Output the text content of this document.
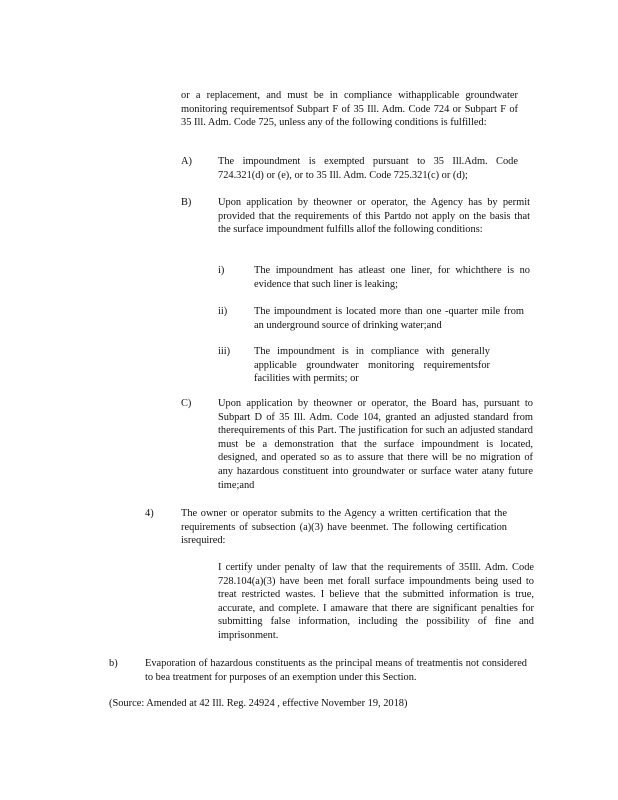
or a replacement, and must be in compliance withapplicable groundwater monitoring requirementsof Subpart F of 35 Ill. Adm. Code 724 or Subpart F of 35 Ill. Adm. Code 725, unless any of the following conditions is fulfilled:
A)	The impoundment is exempted pursuant to 35 Ill.Adm. Code 724.321(d) or (e), or to 35 Ill. Adm. Code 725.321(c) or (d);
B)	Upon application by theowner or operator, the Agency has by permit provided that the requirements of this Partdo not apply on the basis that the surface impoundment fulfills allof the following conditions:
i)	The impoundment has atleast one liner, for whichthere is no evidence that such liner is leaking;
ii)	The impoundment is located more than one -quarter mile from an underground source of drinking water;and
iii) The impoundment is in compliance with generally applicable groundwater monitoring requirementsfor facilities with permits; or
C)	Upon application by theowner or operator, the Board has, pursuant to Subpart D of 35 Ill. Adm. Code 104, granted an adjusted standard from therequirements of this Part. The justification for such an adjusted standard must be a demonstration that the surface impoundment is located, designed, and operated so as to assure that there will be no migration of any hazardous constituent into groundwater or surface water atany future time;and
4)	The owner or operator submits to the Agency a written certification that the requirements of subsection (a)(3) have beenmet. The following certification isrequired:
I certify under penalty of law that the requirements of 35Ill. Adm. Code 728.104(a)(3) have been met forall surface impoundments being used to treat restricted wastes. I believe that the submitted information is true, accurate, and complete. I amaware that there are significant penalties for submitting false information, including the possibility of fine and imprisonment.
b)	Evaporation of hazardous constituents as the principal means of treatmentis not considered to bea treatment for purposes of an exemption under this Section.
(Source: Amended at 42 Ill. Reg. 24924 , effective November 19, 2018)
